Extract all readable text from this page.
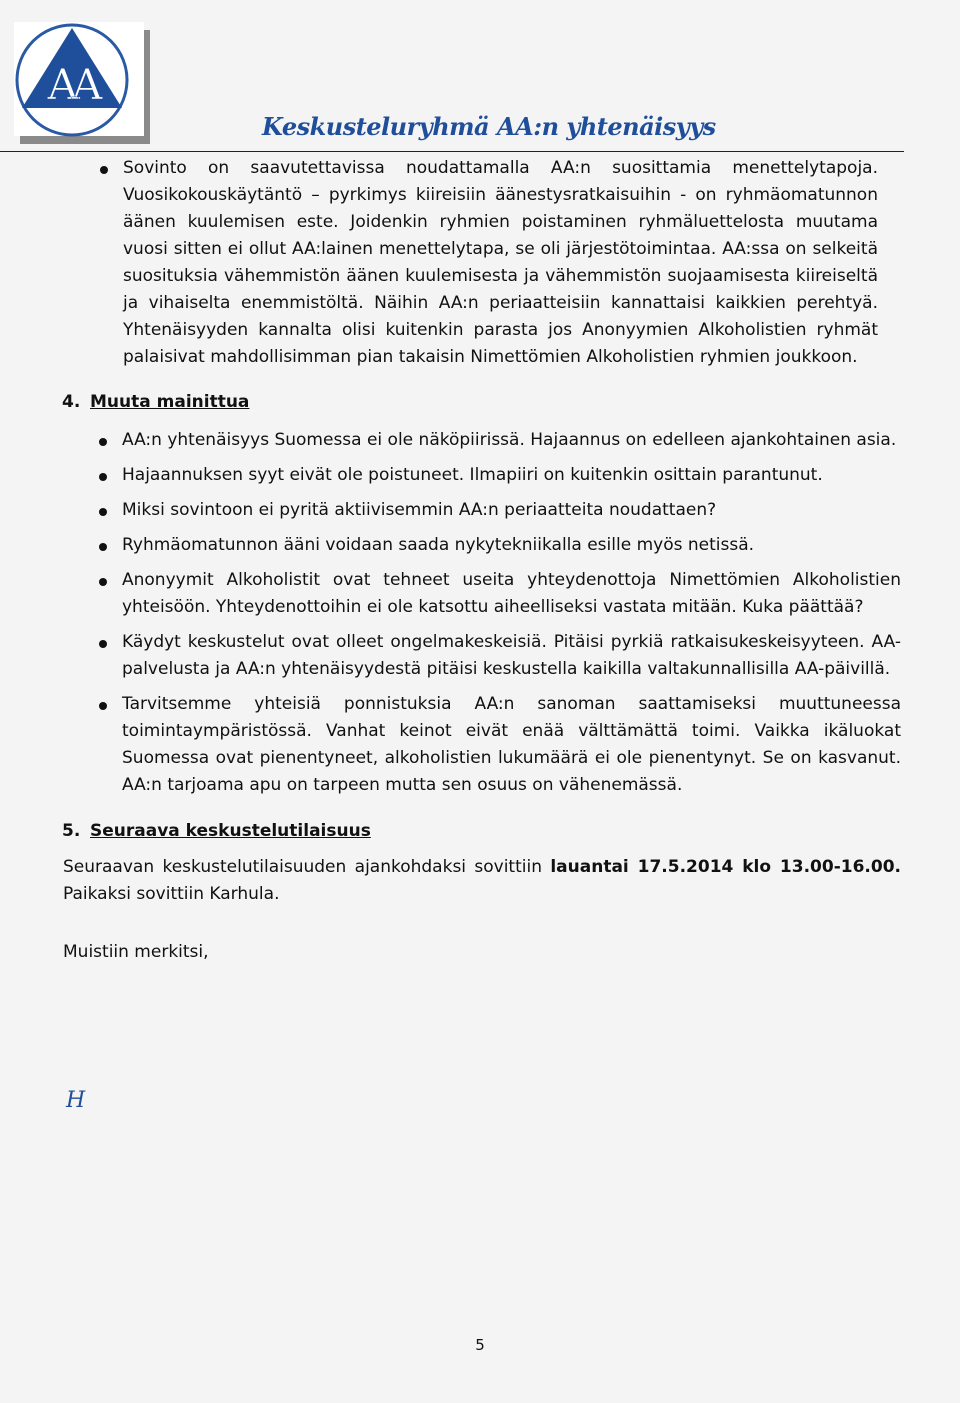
AA
Keskusteluryhmä AA:n yhtenäisyys
Sovinto on saavutettavissa noudattamalla AA:n suosittamia menettelytapoja. Vuosikokouskäytäntö – pyrkimys kiireisiin äänestysratkaisuihin - on ryhmäomatunnon äänen kuulemisen este. Joidenkin ryhmien poistaminen ryhmäluettelosta muutama vuosi sitten ei ollut AA:lainen menettelytapa, se oli järjestötoimintaa. AA:ssa on selkeitä suosituksia vähemmistön äänen kuulemisesta ja vähemmistön suojaamisesta kiireiseltä ja vihaiselta enemmistöltä. Näihin AA:n periaatteisiin kannattaisi kaikkien perehtyä. Yhtenäisyyden kannalta olisi kuitenkin parasta jos Anonyymien Alkoholistien ryhmät palaisivat mahdollisimman pian takaisin Nimettömien Alkoholistien ryhmien joukkoon.
4. Muuta mainittua
AA:n yhtenäisyys Suomessa ei ole näköpiirissä. Hajaannus on edelleen ajankohtainen asia.
Hajaannuksen syyt eivät ole poistuneet. Ilmapiiri on kuitenkin osittain parantunut.
Miksi sovintoon ei pyritä aktiivisemmin AA:n periaatteita noudattaen?
Ryhmäomatunnon ääni voidaan saada nykytekniikalla esille myös netissä.
Anonyymit Alkoholistit ovat tehneet useita yhteydenottoja Nimettömien Alkoholistien yhteisöön. Yhteydenottoihin ei ole katsottu aiheelliseksi vastata mitään. Kuka päättää?
Käydyt keskustelut ovat olleet ongelmakeskeisiä. Pitäisi pyrkiä ratkaisukeskeisyyteen. AA-palvelusta ja AA:n yhtenäisyydestä pitäisi keskustella kaikilla valtakunnallisilla AA-päivillä.
Tarvitsemme yhteisiä ponnistuksia AA:n sanoman saattamiseksi muuttuneessa toimintaympäristössä. Vanhat keinot eivät enää välttämättä toimi. Vaikka ikäluokat Suomessa ovat pienentyneet, alkoholistien lukumäärä ei ole pienentynyt. Se on kasvanut. AA:n tarjoama apu on tarpeen mutta sen osuus on vähenemässä.
5. Seuraava keskustelutilaisuus

Seuraavan keskustelutilaisuuden ajankohdaksi sovittiin lauantai 17.5.2014 klo 13.00-16.00. Paikaksi sovittiin Karhula.

Muistiin merkitsi,
H
5
